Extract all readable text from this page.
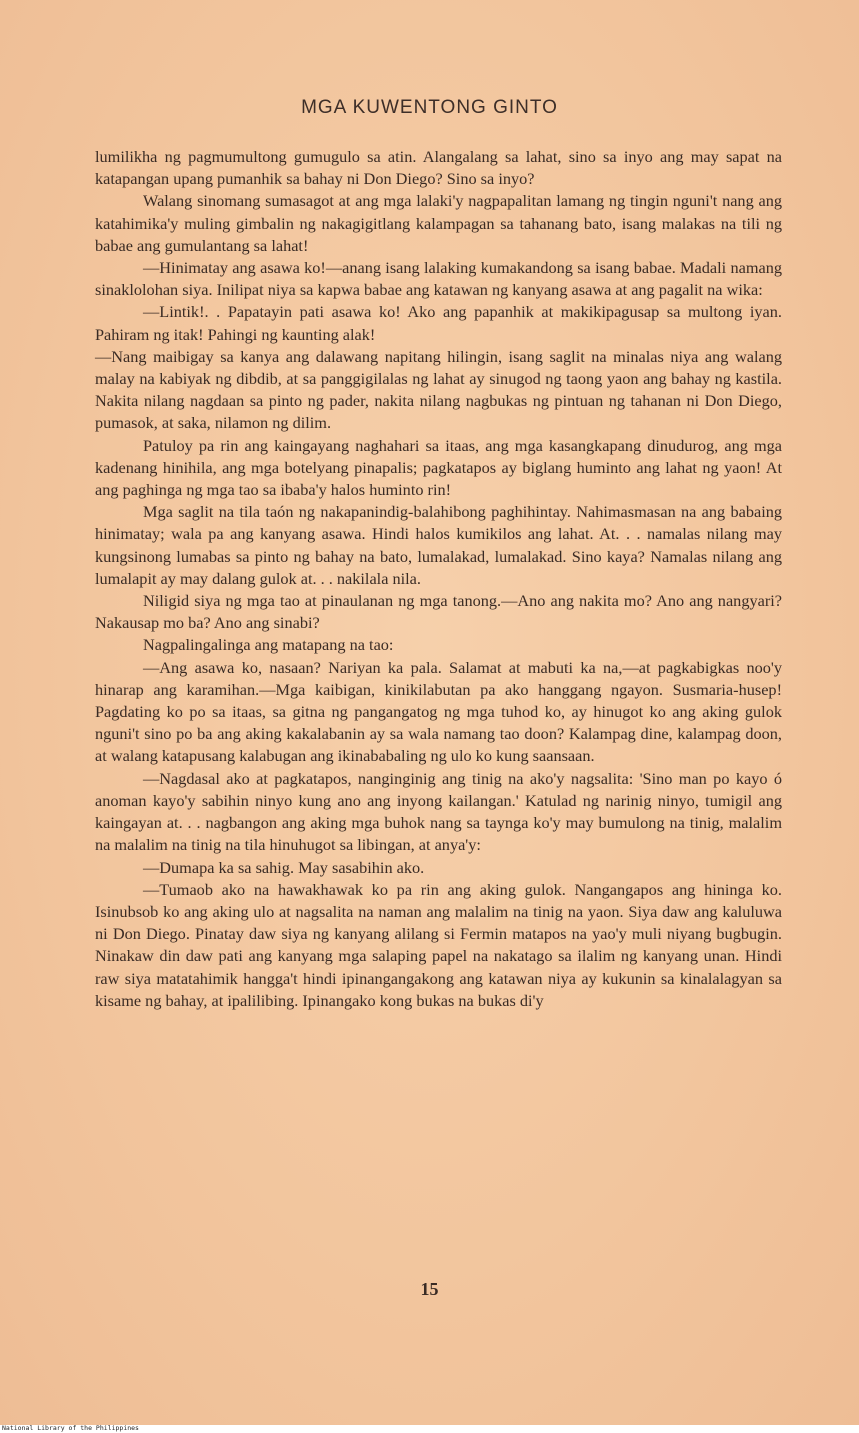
MGA KUWENTONG GINTO

lumilikha ng pagmumultong gumugulo sa atin. Alangalang sa lahat, sino sa inyo ang may sapat na katapangan upang pumanhik sa bahay ni Don Diego? Sino sa inyo?

Walang sinomang sumasagot at ang mga lalaki'y nagpapalitan lamang ng tingin nguni't nang ang katahimika'y muling gimbalin ng nakagigitlang kalampagan sa tahanang bato, isang malakas na tili ng babae ang gumulantang sa lahat!

—Hinimatay ang asawa ko!—anang isang lalaking kumakandong sa isang babae. Madali namang sinaklolohan siya. Inilipat niya sa kapwa babae ang katawan ng kanyang asawa at ang pagalit na wika:

—Lintik!. . Papatayin pati asawa ko! Ako ang papanhik at makikipagusap sa multong iyan. Pahiram ng itak! Pahingi ng kaunting alak!

—Nang maibigay sa kanya ang dalawang napitang hilingin, isang saglit na minalas niya ang walang malay na kabiyak ng dibdib, at sa panggigilalas ng lahat ay sinugod ng taong yaon ang bahay ng kastila. Nakita nilang nagdaan sa pinto ng pader, nakita nilang nagbukas ng pintuan ng tahanan ni Don Diego, pumasok, at saka, nilamon ng dilim.

Patuloy pa rin ang kaingayang naghahari sa itaas, ang mga kasangkapang dinudurog, ang mga kadenang hinihila, ang mga botelyang pinapalis; pagkatapos ay biglang huminto ang lahat ng yaon! At ang paghinga ng mga tao sa ibaba'y halos huminto rin!

Mga saglit na tila taón ng nakapanindig-balahibong paghihintay. Nahimasmasan na ang babaing hinimatay; wala pa ang kanyang asawa. Hindi halos kumikilos ang lahat. At. . . namalas nilang may kungsinong lumabas sa pinto ng bahay na bato, lumalakad, lumalakad. Sino kaya? Namalas nilang ang lumalapit ay may dalang gulok at. . . nakilala nila.

Niligid siya ng mga tao at pinaulanan ng mga tanong.—Ano ang nakita mo? Ano ang nangyari? Nakausap mo ba? Ano ang sinabi?

Nagpalingalinga ang matapang na tao:

—Ang asawa ko, nasaan? Nariyan ka pala. Salamat at mabuti ka na,—at pagkabigkas noo'y hinarap ang karamihan.—Mga kaibigan, kinikilabutan pa ako hanggang ngayon. Susmaria-husep! Pagdating ko po sa itaas, sa gitna ng pangangatog ng mga tuhod ko, ay hinugot ko ang aking gulok nguni't sino po ba ang aking kakalabanin ay sa wala namang tao doon? Kalampag dine, kalampag doon, at walang katapusang kalabugan ang ikinababaling ng ulo ko kung saansaan.

—Nagdasal ako at pagkatapos, nanginginig ang tinig na ako'y nagsalita: 'Sino man po kayo ó anoman kayo'y sabihin ninyo kung ano ang inyong kailangan.' Katulad ng narinig ninyo, tumigil ang kaingayan at. . . nagbangon ang aking mga buhok nang sa taynga ko'y may bumulong na tinig, malalim na malalim na tinig na tila hinuhugot sa libingan, at anya'y:

—Dumapa ka sa sahig. May sasabihin ako.

—Tumaob ako na hawakhawak ko pa rin ang aking gulok. Nangangapos ang hininga ko. Isinubsob ko ang aking ulo at nagsalita na naman ang malalim na tinig na yaon. Siya daw ang kaluluwa ni Don Diego. Pinatay daw siya ng kanyang alilang si Fermin matapos na yao'y muli niyang bugbugin. Ninakaw din daw pati ang kanyang mga salaping papel na nakatago sa ilalim ng kanyang unan. Hindi raw siya matatahimik hangga't hindi ipinangangakong ang katawan niya ay kukunin sa kinalalagyan sa kisame ng bahay, at ipalilibing. Ipinangako kong bukas na bukas di'y

15
National Library of the Philippines
